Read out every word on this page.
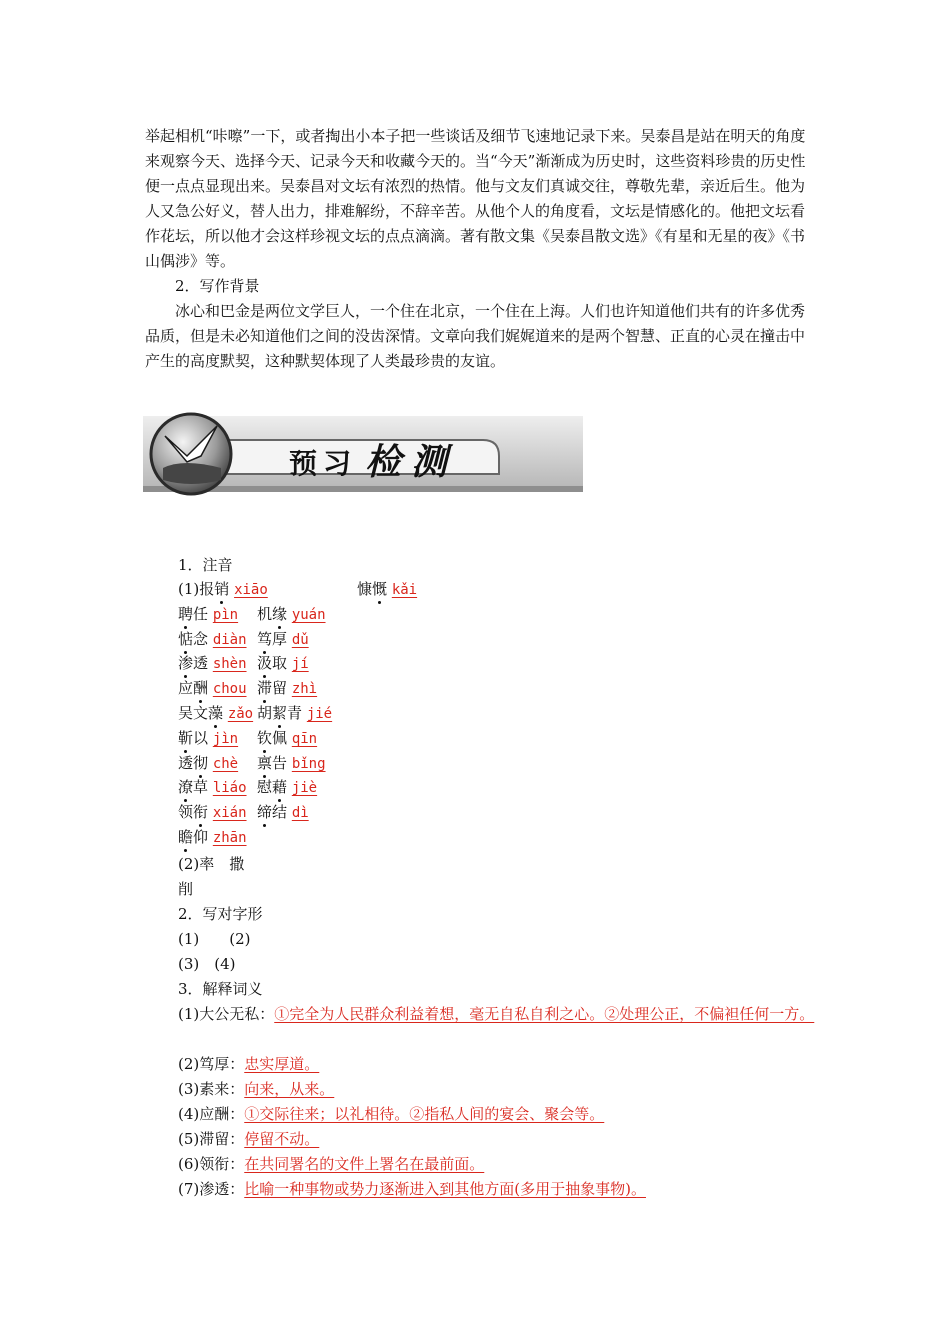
举起相机“咔嚓”一下，或者掏出小本子把一些谈话及细节飞速地记录下来。吴泰昌是站在明天的角度来观察今天、选择今天、记录今天和收藏今天的。当“今天”渐渐成为历史时，这些资料珍贵的历史性便一点点显现出来。吴泰昌对文坛有浓烈的热情。他与文友们真诚交往，尊敬先辈，亲近后生。他为人又急公好义，替人出力，排难解纷，不辞辛苦。从他个人的角度看，文坛是情感化的。他把文坛看作花坛，所以他才会这样珍视文坛的点点滴滴。著有散文集《吴泰昌散文选》《有星和无星的夜》《书山偶涉》等。

2．写作背景

冰心和巴金是两位文学巨人，一个住在北京，一个住在上海。人们也许知道他们共有的许多优秀品质，但是未必知道他们之间的没齿深情。文章向我们娓娓道来的是两个智慧、正直的心灵在撞击中产生的高度默契，这种默契体现了人类最珍贵的友谊。

预习 检测
1．注音
(1)报销 xiāo	慷慨 kǎi
聘任 pìn 机缘 yuán
惦念 diàn 笃厚 dǔ
渗透 shèn 汲取 jí
应酬 chou 滞留 zhì
吴文藻 zǎo 胡絜青 jié
靳以 jìn 钦佩 qīn
透彻 chè 禀告 bǐng
潦草 liáo 慰藉 jiè
领衔 xián 缔结 dì
瞻仰 zhān
(2)率　撒
削
2．写对字形
(1)　　(2)
(3)　(4)
3．解释词义

(1)大公无私：①完全为人民群众利益着想，毫无自私自利之心。②处理公正，不偏袒任何一方。

(2)笃厚：忠实厚道。

(3)素来：向来，从来。

(4)应酬：①交际往来；以礼相待。②指私人间的宴会、聚会等。

(5)滞留：停留不动。

(6)领衔：在共同署名的文件上署名在最前面。

(7)渗透：比喻一种事物或势力逐渐进入到其他方面(多用于抽象事物)。
